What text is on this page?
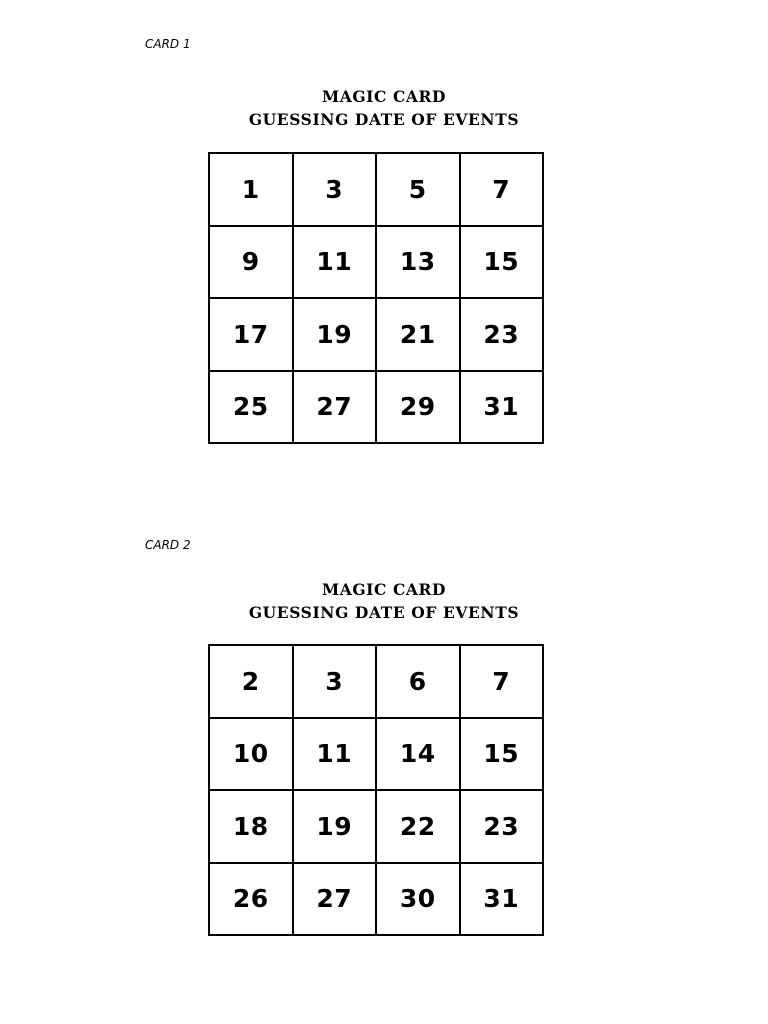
CARD 1
MAGIC CARD
GUESSING DATE OF EVENTS
1	3	5	7
9	11	13	15
17	19	21	23
25	27	29	31
CARD 2
MAGIC CARD
GUESSING DATE OF EVENTS
2	3	6	7
10	11	14	15
18	19	22	23
26	27	30	31
